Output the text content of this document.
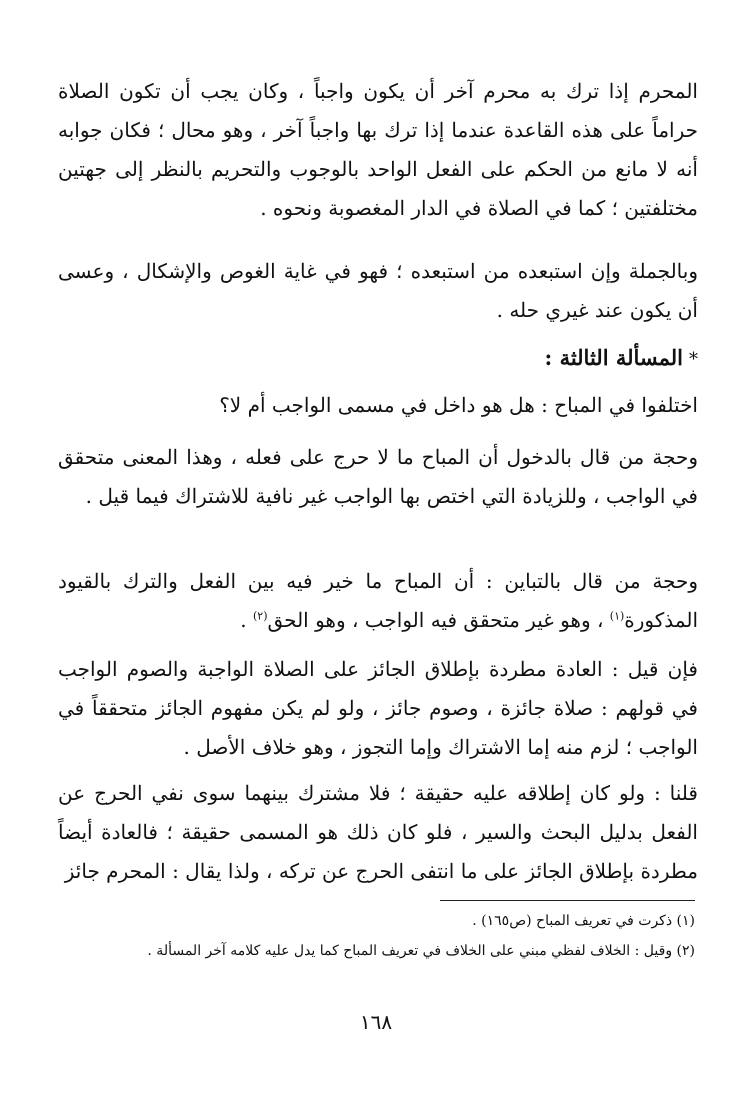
المحرم إذا ترك به محرم آخر أن يكون واجباً ، وكان يجب أن تكون الصلاة حراماً على هذه القاعدة عندما إذا ترك بها واجباً آخر ، وهو محال ؛ فكان جوابه أنه لا مانع من الحكم على الفعل الواحد بالوجوب والتحريم بالنظر إلى جهتين مختلفتين ؛ كما في الصلاة في الدار المغصوبة ونحوه .

وبالجملة وإن استبعده من استبعده ؛ فهو في غاية الغوص والإشكال ، وعسى أن يكون عند غيري حله .

*المسألة الثالثة :

اختلفوا في المباح : هل هو داخل في مسمى الواجب أم لا؟

وحجة من قال بالدخول أن المباح ما لا حرج على فعله ، وهذا المعنى متحقق في الواجب ، وللزيادة التي اختص بها الواجب غير نافية للاشتراك فيما قيل .

وحجة من قال بالتباين : أن المباح ما خير فيه بين الفعل والترك بالقيود المذكورة$^{(١)}$ ، وهو غير متحقق فيه الواجب ، وهو الحق$^{(٢)}$ .

فإن قيل : العادة مطردة بإطلاق الجائز على الصلاة الواجبة والصوم الواجب في قولهم : صلاة جائزة ، وصوم جائز ، ولو لم يكن مفهوم الجائز متحققاً في الواجب ؛ لزم منه إما الاشتراك وإما التجوز ، وهو خلاف الأصل .

قلنا : ولو كان إطلاقه عليه حقيقة ؛ فلا مشترك بينهما سوى نفي الحرج عن الفعل بدليل البحث والسير ، فلو كان ذلك هو المسمى حقيقة ؛ فالعادة أيضاً مطردة بإطلاق الجائز على ما انتفى الحرج عن تركه ، ولذا يقال : المحرم جائز

(١) ذكرت في تعريف المباح (ص١٦٥) .
(٢) وقيل : الخلاف لفظي مبني على الخلاف في تعريف المباح كما يدل عليه كلامه آخر المسألة .
١٦٨
